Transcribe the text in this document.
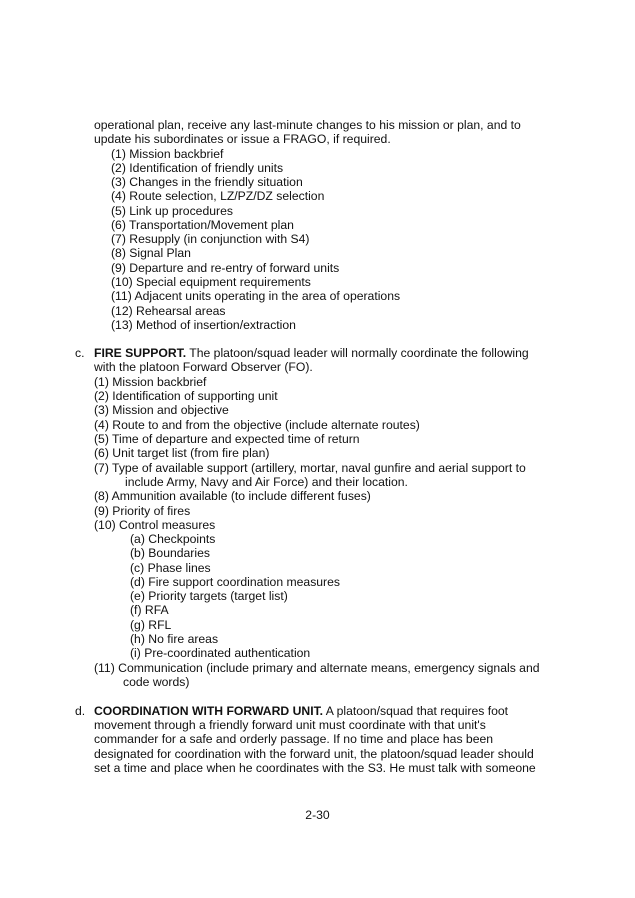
operational plan, receive any last-minute changes to his mission or plan, and to
update his subordinates or issue a FRAGO, if required.
(1) Mission backbrief
(2) Identification of friendly units
(3) Changes in the friendly situation
(4) Route selection, LZ/PZ/DZ selection
(5) Link up procedures
(6) Transportation/Movement plan
(7) Resupply (in conjunction with S4)
(8) Signal Plan
(9) Departure and re-entry of forward units
(10) Special equipment requirements
(11) Adjacent units operating in the area of operations
(12) Rehearsal areas
(13) Method of insertion/extraction
c. FIRE SUPPORT. The platoon/squad leader will normally coordinate the following
with the platoon Forward Observer (FO).
(1) Mission backbrief
(2) Identification of supporting unit
(3) Mission and objective
(4) Route to and from the objective (include alternate routes)
(5) Time of departure and expected time of return
(6) Unit target list (from fire plan)
(7) Type of available support (artillery, mortar, naval gunfire and aerial support to
include Army, Navy and Air Force) and their location.
(8) Ammunition available (to include different fuses)
(9) Priority of fires
(10) Control measures
(a) Checkpoints
(b) Boundaries
(c) Phase lines
(d) Fire support coordination measures
(e) Priority targets (target list)
(f) RFA
(g) RFL
(h) No fire areas
(i) Pre-coordinated authentication
(11) Communication (include primary and alternate means, emergency signals and
code words)
d. COORDINATION WITH FORWARD UNIT. A platoon/squad that requires foot
movement through a friendly forward unit must coordinate with that unit's
commander for a safe and orderly passage. If no time and place has been
designated for coordination with the forward unit, the platoon/squad leader should
set a time and place when he coordinates with the S3. He must talk with someone
2-30
